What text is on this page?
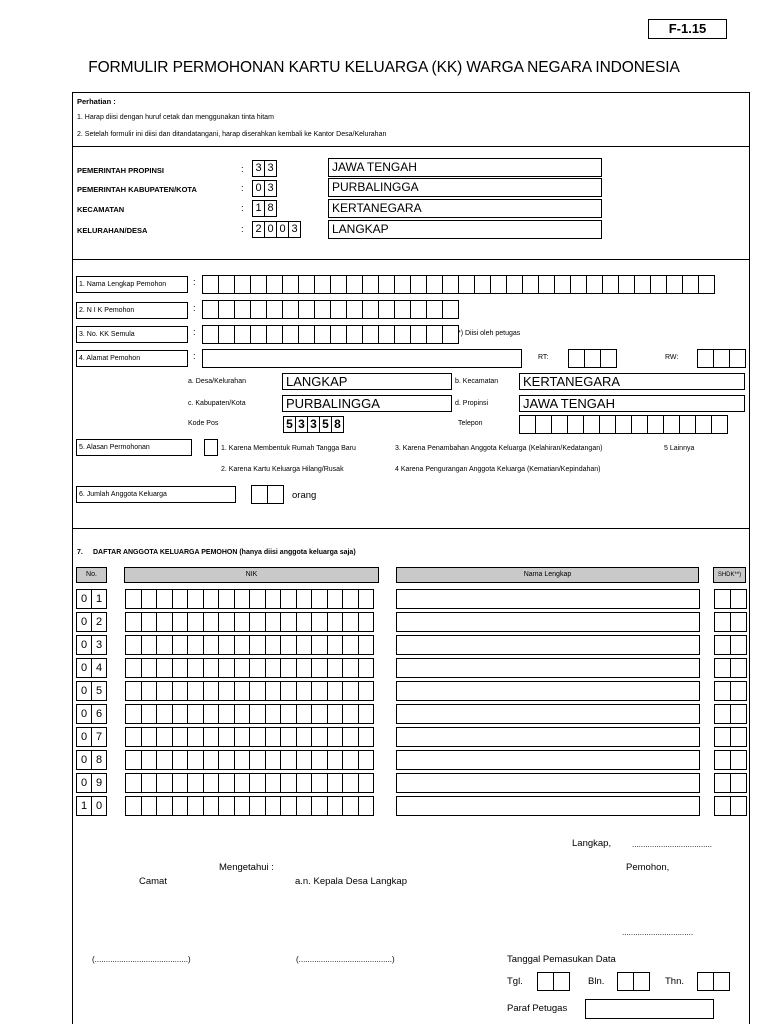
F-1.15
FORMULIR PERMOHONAN KARTU KELUARGA (KK) WARGA NEGARA INDONESIA
Perhatian :
1. Harap diisi dengan huruf cetak dan menggunakan tinta hitam
2. Setelah formulir ini diisi dan ditandatangani, harap diserahkan kembali ke Kantor Desa/Kelurahan
PEMERINTAH PROPINSI	:	3 3	JAWA TENGAH
PEMERINTAH KABUPATEN/KOTA	:	0 3	PURBALINGGA
KECAMATAN	:	1 8	KERTANEGARA
KELURAHAN/DESA	:	2 0 0 3	LANGKAP
1. Nama Lengkap Pemohon	:
2. N I K Pemohon	:
3. No. KK Semula	:	*) Diisi oleh petugas
4. Alamat Pemohon	:	RT:	RW:
a. Desa/Kelurahan	LANGKAP	b. Kecamatan	KERTANEGARA
c. Kabupaten/Kota	PURBALINGGA	d. Propinsi	JAWA TENGAH
Kode Pos	5 3 3 5 8	Telepon
5. Alasan Permohonan	1. Karena Membentuk Rumah Tangga Baru	3. Karena Penambahan Anggota Keluarga (Kelahiran/Kedatangan)	5 Lainnya
2. Karena Kartu Keluarga Hilang/Rusak	4 Karena Pengurangan Anggota Keluarga (Kematian/Kepindahan)
6. Jumlah Anggota Keluarga	orang
7. DAFTAR ANGGOTA KELUARGA PEMOHON (hanya diisi anggota keluarga saja)
No.	NIK	Nama Lengkap	SHDK**)
0 1
0 2
0 3
0 4
0 5
0 6
0 7
0 8
0 9
1 0
Langkap,	....................................
Mengetahui :
Camat	a.n. Kepala Desa Langkap
Pemohon,
................................
(..........................................)	(..........................................)	Tanggal Pemasukan Data
Tgl.	Bln.	Thn.
Paraf Petugas
